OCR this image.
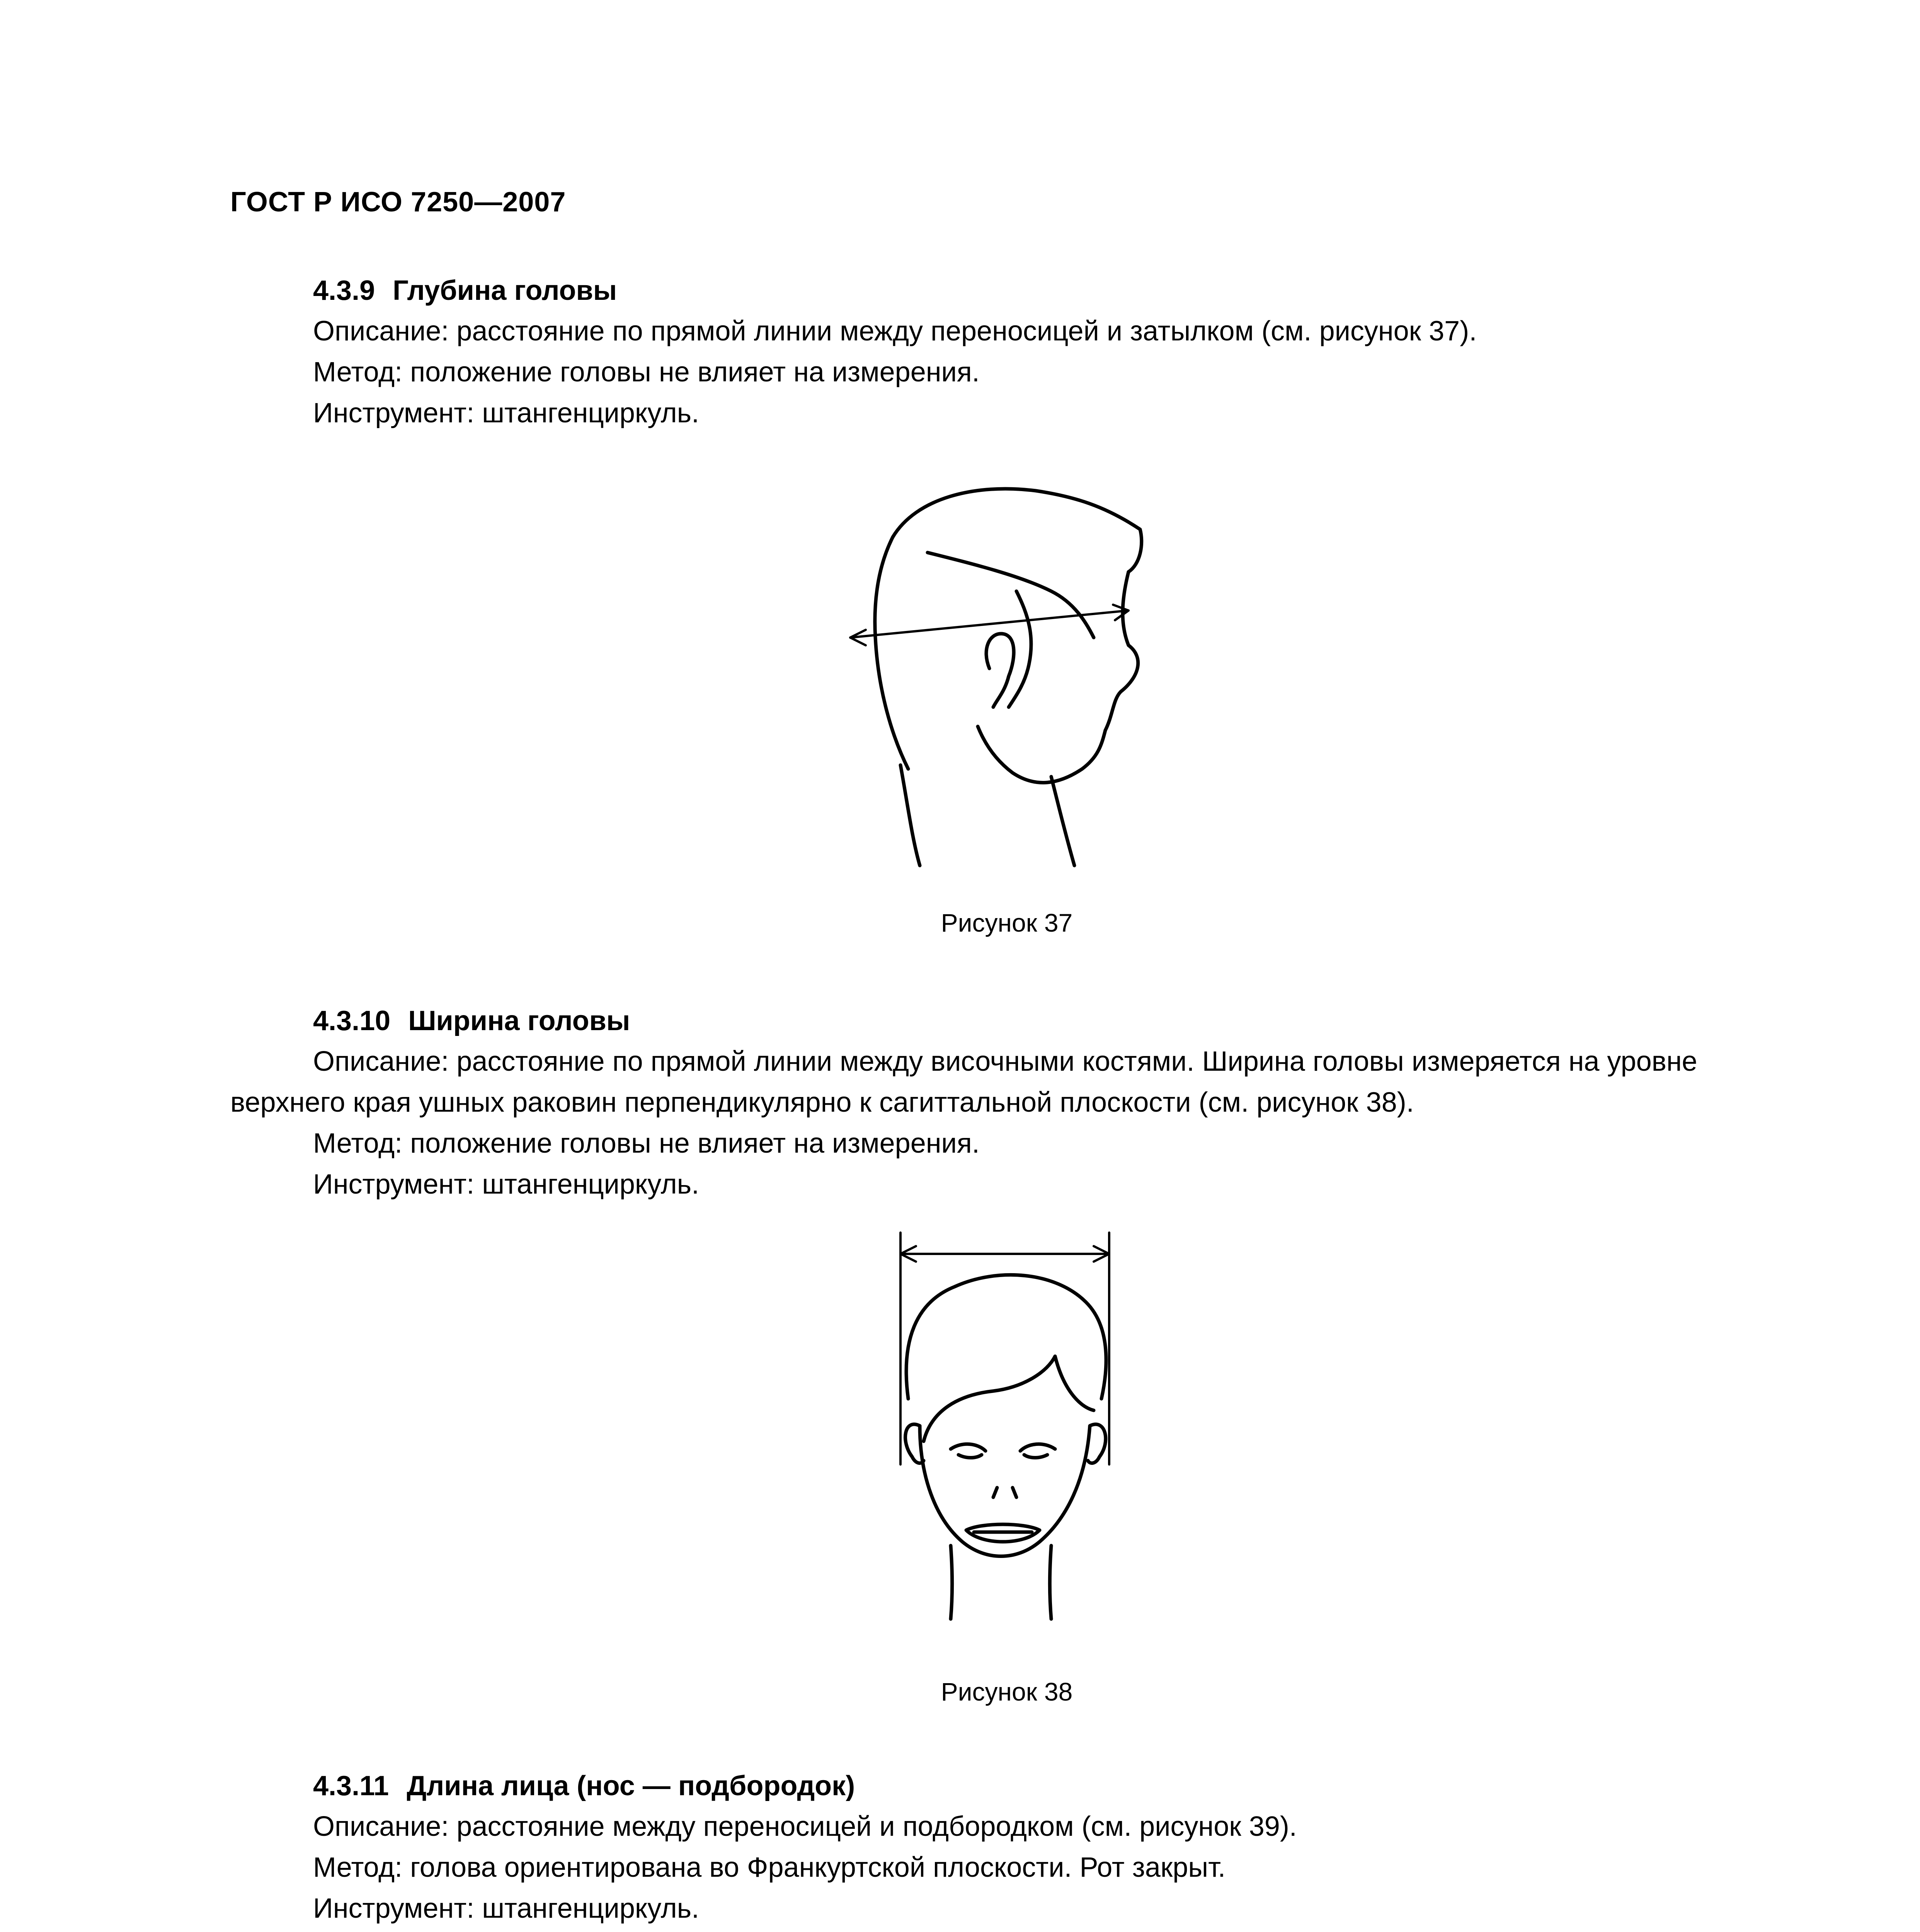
ГОСТ Р ИСО 7250—2007
4.3.9 Глубина головы

Описание: расстояние по прямой линии между переносицей и затылком (см. рисунок 37).

Метод: положение головы не влияет на измерения.

Инструмент: штангенциркуль.

Рисунок 37
4.3.10 Ширина головы

Описание: расстояние по прямой линии между височными костями. Ширина головы измеряется на уровне верхнего края ушных раковин перпендикулярно к сагиттальной плоскости (см. рисунок 38).

Метод: положение головы не влияет на измерения.

Инструмент: штангенциркуль.

Рисунок 38
4.3.11 Длина лица (нос — подбородок)

Описание: расстояние между переносицей и подбородком (см. рисунок 39).

Метод: голова ориентирована во Франкуртской плоскости. Рот закрыт.

Инструмент: штангенциркуль.
